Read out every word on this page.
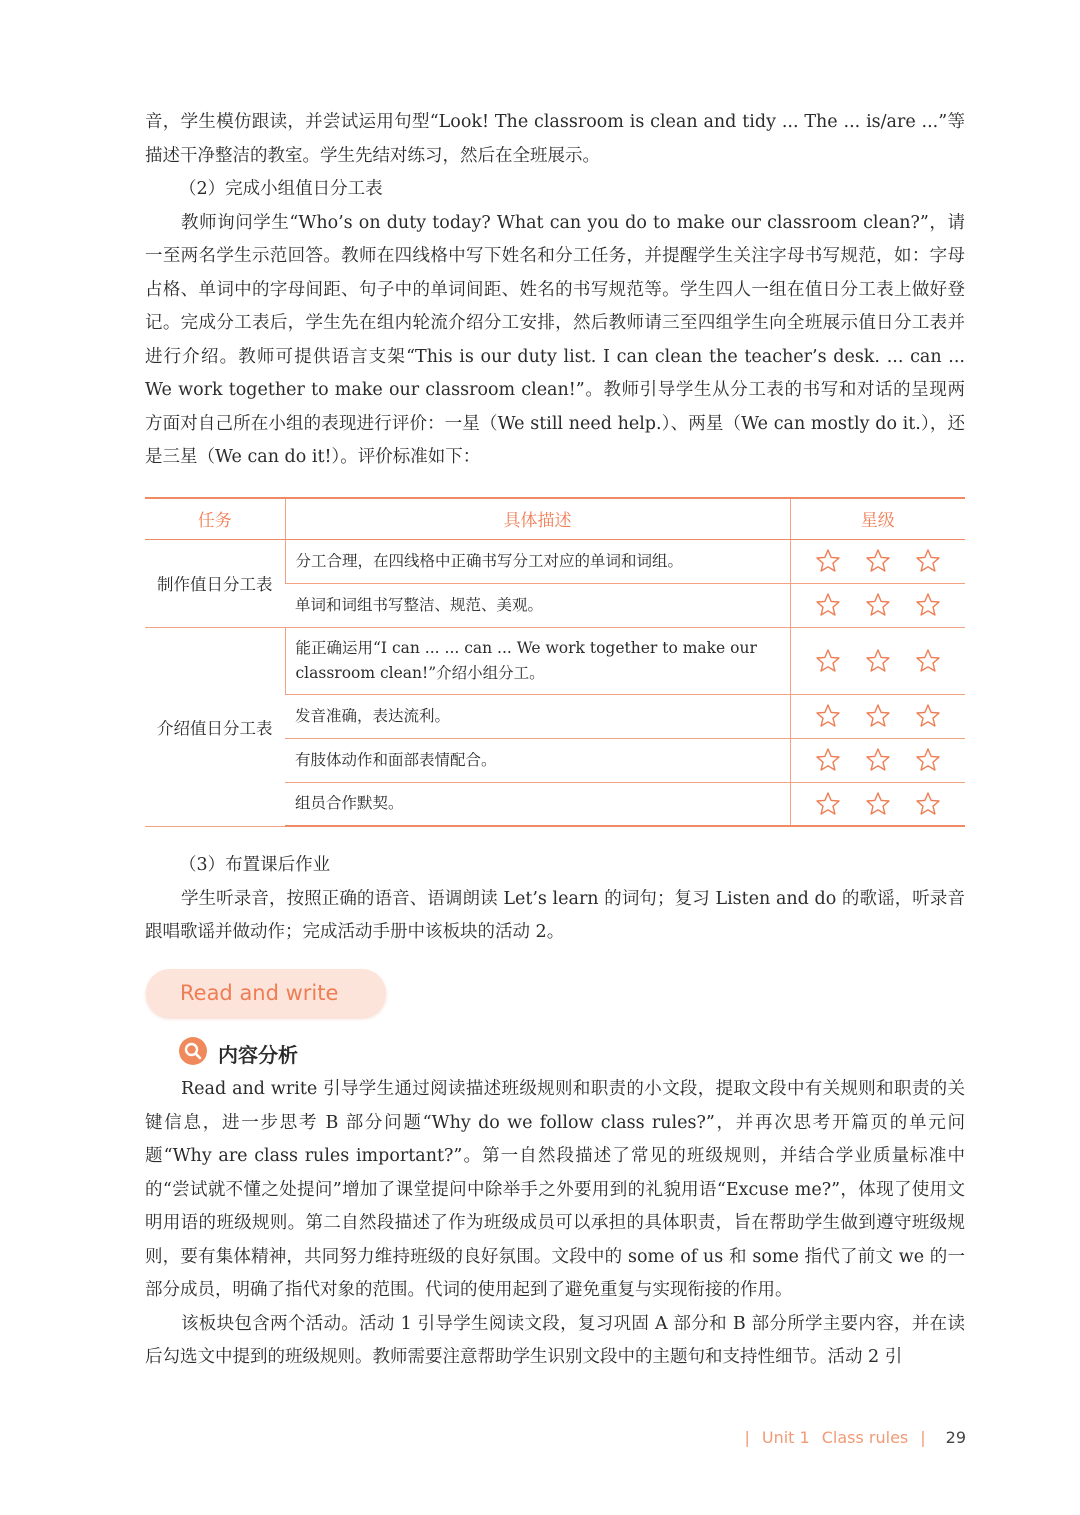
音，学生模仿跟读，并尝试运用句型“Look! The classroom is clean and tidy ... The ... is/are ...”等描述干净整洁的教室。学生先结对练习，然后在全班展示。

（2）完成小组值日分工表

教师询问学生“Who’s on duty today? What can you do to make our classroom clean?”，请一至两名学生示范回答。教师在四线格中写下姓名和分工任务，并提醒学生关注字母书写规范，如：字母占格、单词中的字母间距、句子中的单词间距、姓名的书写规范等。学生四人一组在值日分工表上做好登记。完成分工表后，学生先在组内轮流介绍分工安排，然后教师请三至四组学生向全班展示值日分工表并进行介绍。教师可提供语言支架“This is our duty list. I can clean the teacher’s desk. ... can ... We work together to make our classroom clean!”。教师引导学生从分工表的书写和对话的呈现两方面对自己所在小组的表现进行评价：一星（We still need help.）、两星（We can mostly do it.），还是三星（We can do it!）。评价标准如下：

任务	具体描述	星级
制作值日分工表	分工合理，在四线格中正确书写分工对应的单词和词组。	

	单词和词组书写整洁、规范、美观。	

介绍值日分工表	能正确运用“I can ... ... can ... We work together to make our classroom clean!”介绍小组分工。	

	发音准确，表达流利。	

	有肢体动作和面部表情配合。	

	组员合作默契。	

（3）布置课后作业

学生听录音，按照正确的语音、语调朗读 Let’s learn 的词句；复习 Listen and do 的歌谣，听录音跟唱歌谣并做动作；完成活动手册中该板块的活动 2。

Read and write
内容分析

Read and write 引导学生通过阅读描述班级规则和职责的小文段，提取文段中有关规则和职责的关键信息，进一步思考 B 部分问题“Why do we follow class rules?”，并再次思考开篇页的单元问题“Why are class rules important?”。第一自然段描述了常见的班级规则，并结合学业质量标准中的“尝试就不懂之处提问”增加了课堂提问中除举手之外要用到的礼貌用语“Excuse me?”，体现了使用文明用语的班级规则。第二自然段描述了作为班级成员可以承担的具体职责，旨在帮助学生做到遵守班级规则，要有集体精神，共同努力维持班级的良好氛围。文段中的 some of us 和 some 指代了前文 we 的一部分成员，明确了指代对象的范围。代词的使用起到了避免重复与实现衔接的作用。

该板块包含两个活动。活动 1 引导学生阅读文段，复习巩固 A 部分和 B 部分所学主要内容，并在读后勾选文中提到的班级规则。教师需要注意帮助学生识别文段中的主题句和支持性细节。活动 2 引

| Unit 1 Class rules | 29
